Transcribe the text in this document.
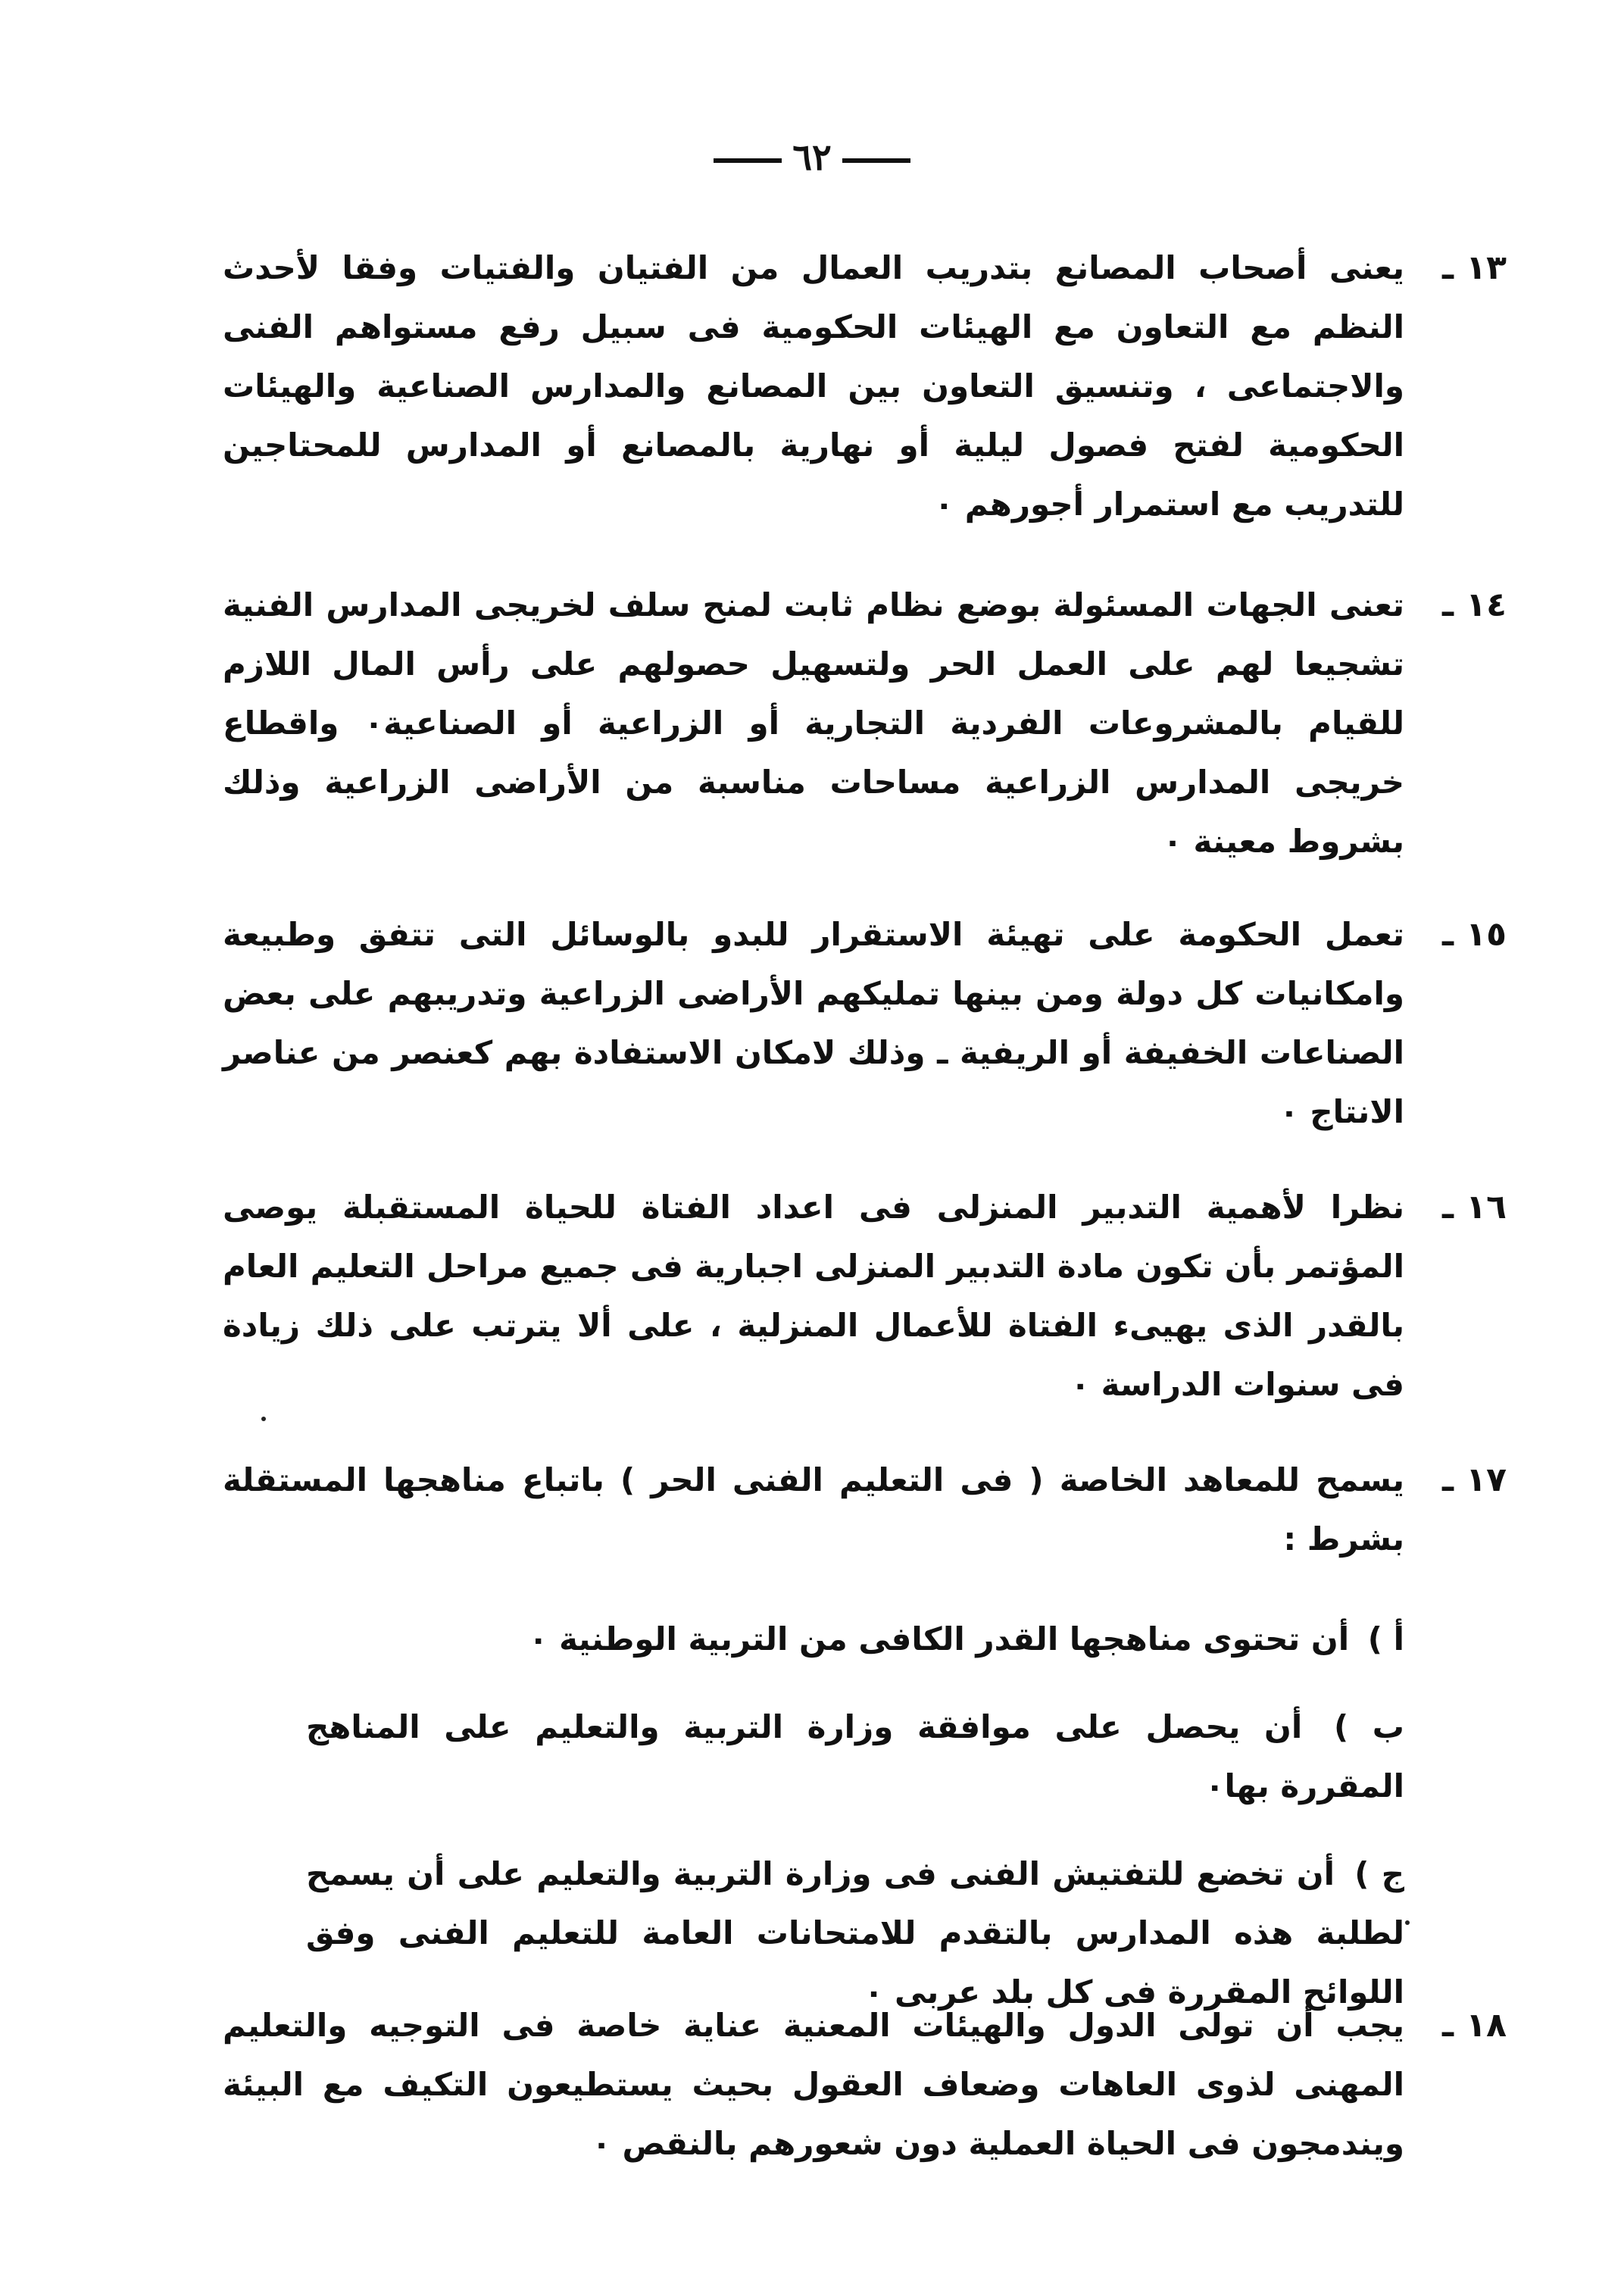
٦٢
١٣ـ
يعنى أصحاب المصانع بتدريب العمال من الفتيان والفتيات وفقا لأحدث النظم مع التعاون مع الهيئات الحكومية فى سبيل رفع مستواهم الفنى والاجتماعى ، وتنسيق التعاون بين المصانع والمدارس الصناعية والهيئات الحكومية لفتح فصول ليلية أو نهارية بالمصانع أو المدارس للمحتاجين للتدريب مع استمرار أجورهم ٠
١٤ـ
تعنى الجهات المسئولة بوضع نظام ثابت لمنح سلف لخريجى المدارس الفنية تشجيعا لهم على العمل الحر ولتسهيل حصولهم على رأس المال اللازم للقيام بالمشروعات الفردية التجارية أو الزراعية أو الصناعية٠ واقطاع خريجى المدارس الزراعية مساحات مناسبة من الأراضى الزراعية وذلك بشروط معينة ٠
١٥ـ
تعمل الحكومة على تهيئة الاستقرار للبدو بالوسائل التى تتفق وطبيعة وامكانيات كل دولة ومن بينها تمليكهم الأراضى الزراعية وتدريبهم على بعض الصناعات الخفيفة أو الريفية ـ وذلك لامكان الاستفادة بهم كعنصر من عناصر الانتاج ٠
١٦ـ
نظرا لأهمية التدبير المنزلى فى اعداد الفتاة للحياة المستقبلة يوصى المؤتمر بأن تكون مادة التدبير المنزلى اجبارية فى جميع مراحل التعليم العام بالقدر الذى يهيىء الفتاة للأعمال المنزلية ، على ألا يترتب على ذلك زيادة فى سنوات الدراسة ٠
١٧ـ
يسمح للمعاهد الخاصة ( فى التعليم الفنى الحر ) باتباع مناهجها المستقلة بشرط :
أ ) أن تحتوى مناهجها القدر الكافى من التربية الوطنية ٠
ب ) أن يحصل على موافقة وزارة التربية والتعليم على المناهج المقررة بها٠
ج ) أن تخضع للتفتيش الفنى فى وزارة التربية والتعليم على أن يسمح لطلبة هذه المدارس بالتقدم للامتحانات العامة للتعليم الفنى وفق اللوائح المقررة فى كل بلد عربى ٠
١٨ـ
يجب أن تولى الدول والهيئات المعنية عناية خاصة فى التوجيه والتعليم المهنى لذوى العاهات وضعاف العقول بحيث يستطيعون التكيف مع البيئة ويندمجون فى الحياة العملية دون شعورهم بالنقص ٠
